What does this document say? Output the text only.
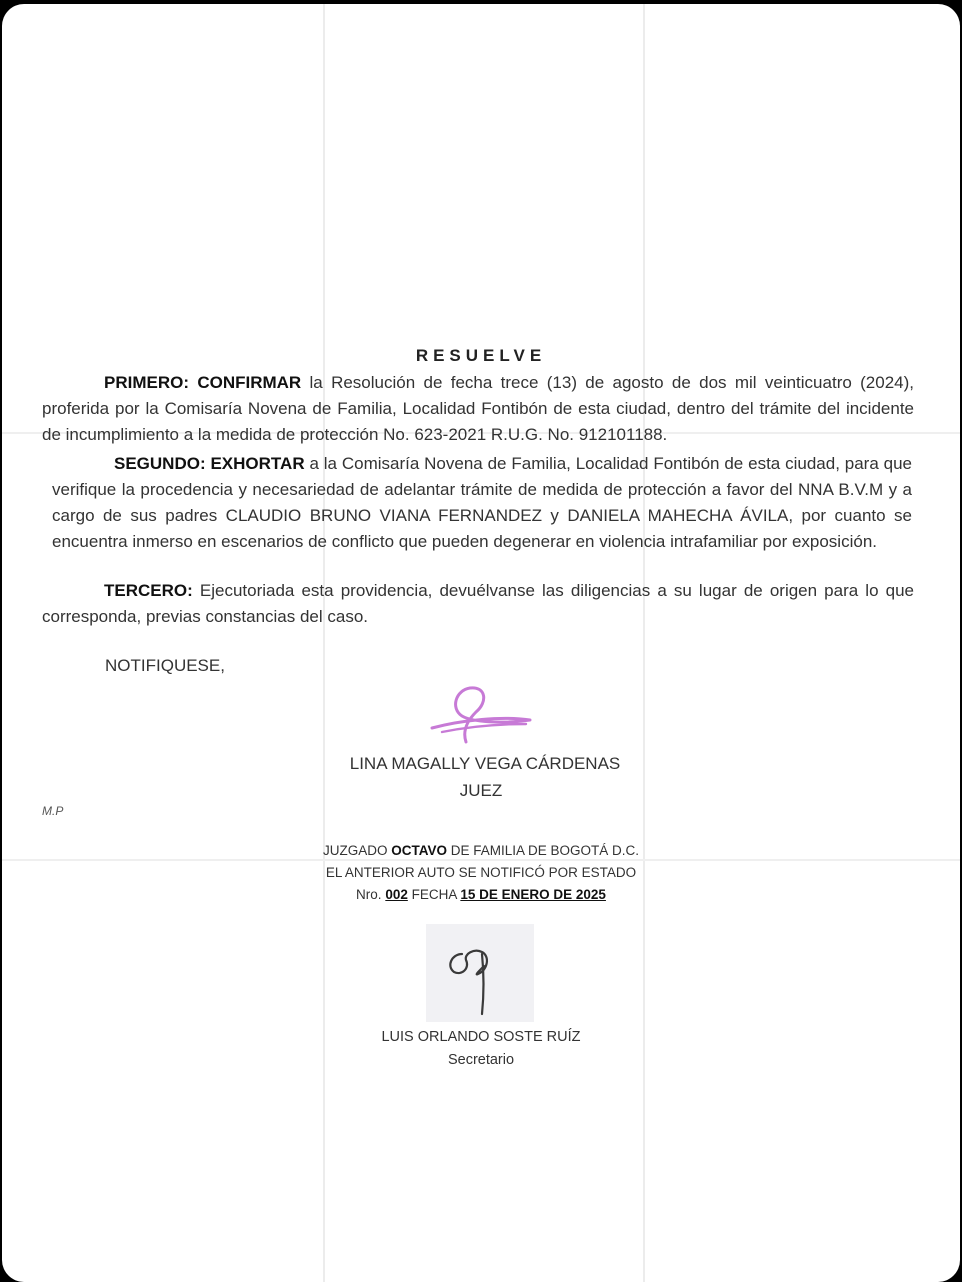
RESUELVE
PRIMERO: CONFIRMAR la Resolución de fecha trece (13) de agosto de dos mil veinticuatro (2024), proferida por la Comisaría Novena de Familia, Localidad Fontibón de esta ciudad, dentro del trámite del incidente de incumplimiento a la medida de protección No. 623-2021 R.U.G. No. 912101188.
SEGUNDO: EXHORTAR a la Comisaría Novena de Familia, Localidad Fontibón de esta ciudad, para que verifique la procedencia y necesariedad de adelantar trámite de medida de protección a favor del NNA B.V.M y a cargo de sus padres CLAUDIO BRUNO VIANA FERNANDEZ y DANIELA MAHECHA ÁVILA, por cuanto se encuentra inmerso en escenarios de conflicto que pueden degenerar en violencia intrafamiliar por exposición.
TERCERO: Ejecutoriada esta providencia, devuélvanse las diligencias a su lugar de origen para lo que corresponda, previas constancias del caso.
NOTIFIQUESE,
LINA MAGALLY VEGA CÁRDENAS
JUEZ
M.P
JUZGADO OCTAVO DE FAMILIA DE BOGOTÁ D.C.
EL ANTERIOR AUTO SE NOTIFICÓ POR ESTADO
Nro. 002 FECHA 15 DE ENERO DE 2025
LUIS ORLANDO SOSTE RUÍZ
Secretario
